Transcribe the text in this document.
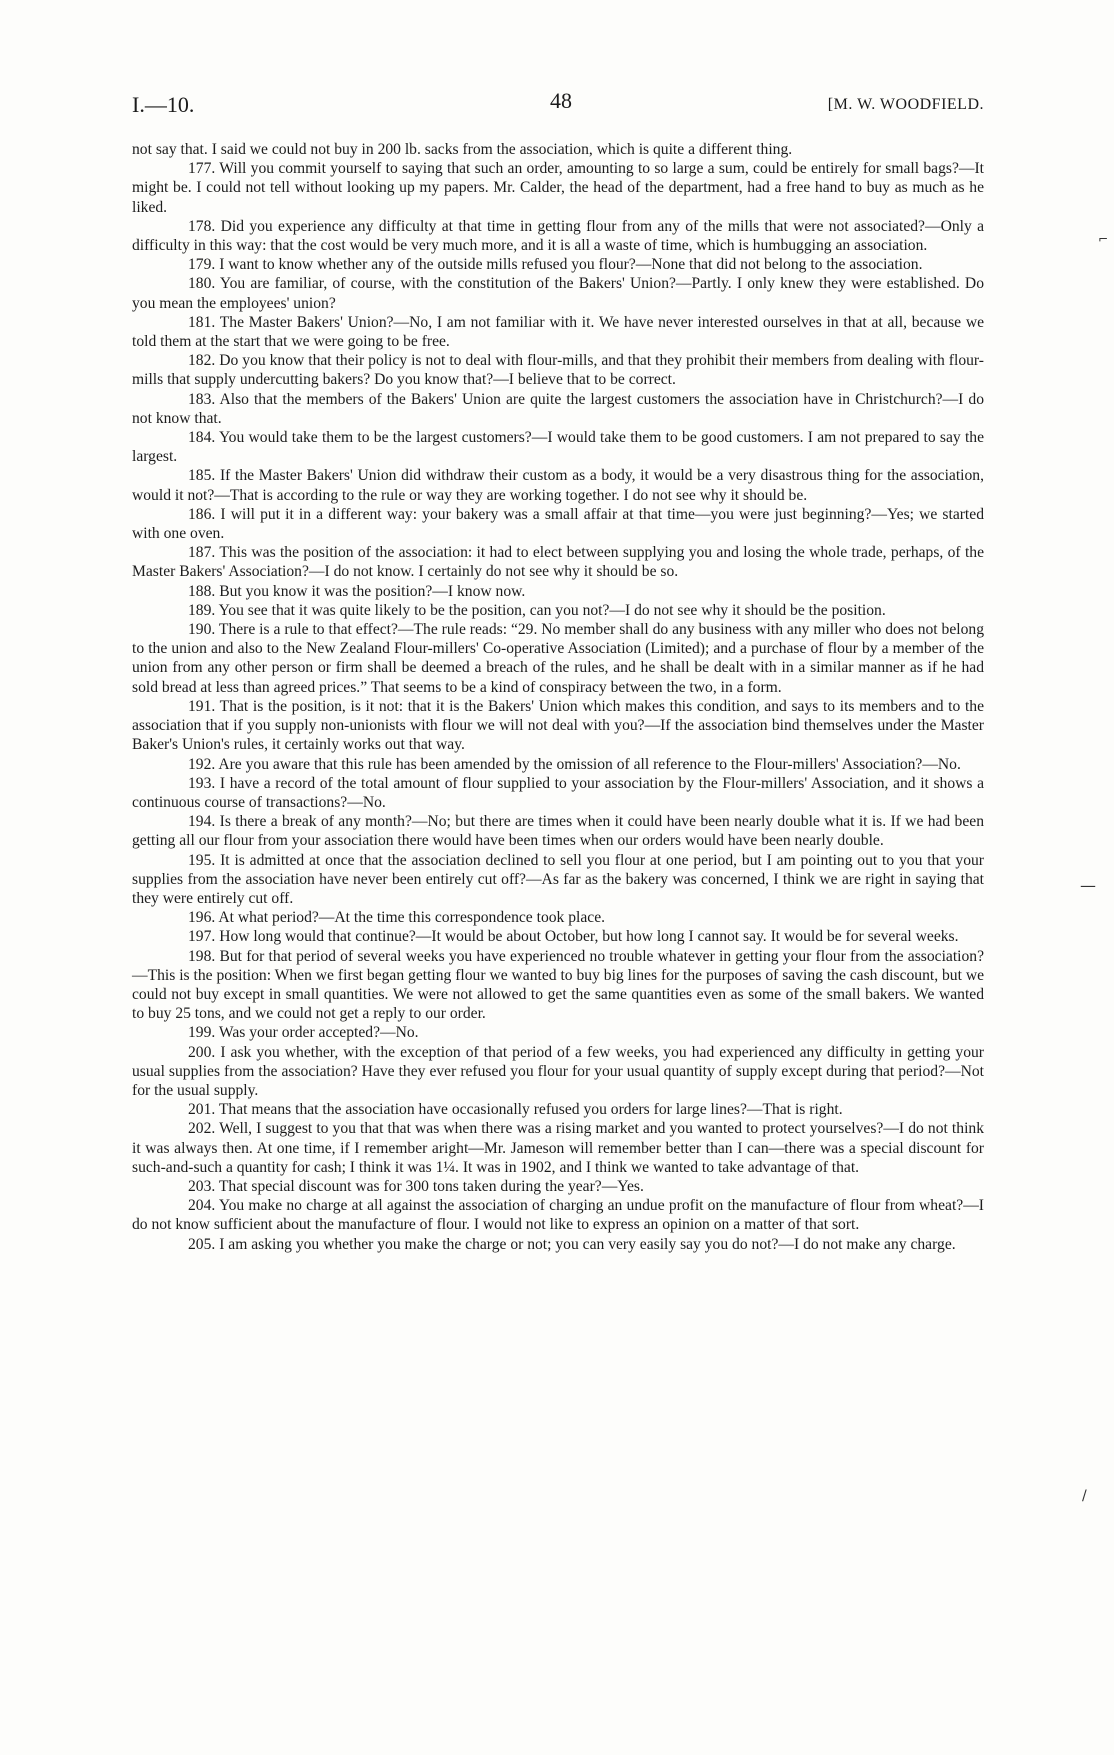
I.—10.	48	[M. W. WOODFIELD.

not say that. I said we could not buy in 200 lb. sacks from the association, which is quite a different thing.

177. Will you commit yourself to saying that such an order, amounting to so large a sum, could be entirely for small bags?—It might be. I could not tell without looking up my papers. Mr. Calder, the head of the department, had a free hand to buy as much as he liked.

178. Did you experience any difficulty at that time in getting flour from any of the mills that were not associated?—Only a difficulty in this way: that the cost would be very much more, and it is all a waste of time, which is humbugging an association.

179. I want to know whether any of the outside mills refused you flour?—None that did not belong to the association.

180. You are familiar, of course, with the constitution of the Bakers' Union?—Partly. I only knew they were established. Do you mean the employees' union?

181. The Master Bakers' Union?—No, I am not familiar with it. We have never interested ourselves in that at all, because we told them at the start that we were going to be free.

182. Do you know that their policy is not to deal with flour-mills, and that they prohibit their members from dealing with flour-mills that supply undercutting bakers? Do you know that?—I believe that to be correct.

183. Also that the members of the Bakers' Union are quite the largest customers the association have in Christchurch?—I do not know that.

184. You would take them to be the largest customers?—I would take them to be good customers. I am not prepared to say the largest.

185. If the Master Bakers' Union did withdraw their custom as a body, it would be a very disastrous thing for the association, would it not?—That is according to the rule or way they are working together. I do not see why it should be.

186. I will put it in a different way: your bakery was a small affair at that time—you were just beginning?—Yes; we started with one oven.

187. This was the position of the association: it had to elect between supplying you and losing the whole trade, perhaps, of the Master Bakers' Association?—I do not know. I certainly do not see why it should be so.

188. But you know it was the position?—I know now.

189. You see that it was quite likely to be the position, can you not?—I do not see why it should be the position.

190. There is a rule to that effect?—The rule reads: “29. No member shall do any business with any miller who does not belong to the union and also to the New Zealand Flour-millers' Co-operative Association (Limited); and a purchase of flour by a member of the union from any other person or firm shall be deemed a breach of the rules, and he shall be dealt with in a similar manner as if he had sold bread at less than agreed prices.” That seems to be a kind of conspiracy between the two, in a form.

191. That is the position, is it not: that it is the Bakers' Union which makes this condition, and says to its members and to the association that if you supply non-unionists with flour we will not deal with you?—If the association bind themselves under the Master Baker's Union's rules, it certainly works out that way.

192. Are you aware that this rule has been amended by the omission of all reference to the Flour-millers' Association?—No.

193. I have a record of the total amount of flour supplied to your association by the Flour-millers' Association, and it shows a continuous course of transactions?—No.

194. Is there a break of any month?—No; but there are times when it could have been nearly double what it is. If we had been getting all our flour from your association there would have been times when our orders would have been nearly double.

195. It is admitted at once that the association declined to sell you flour at one period, but I am pointing out to you that your supplies from the association have never been entirely cut off?—As far as the bakery was concerned, I think we are right in saying that they were entirely cut off.

196. At what period?—At the time this correspondence took place.

197. How long would that continue?—It would be about October, but how long I cannot say. It would be for several weeks.

198. But for that period of several weeks you have experienced no trouble whatever in getting your flour from the association?—This is the position: When we first began getting flour we wanted to buy big lines for the purposes of saving the cash discount, but we could not buy except in small quantities. We were not allowed to get the same quantities even as some of the small bakers. We wanted to buy 25 tons, and we could not get a reply to our order.

199. Was your order accepted?—No.

200. I ask you whether, with the exception of that period of a few weeks, you had experienced any difficulty in getting your usual supplies from the association? Have they ever refused you flour for your usual quantity of supply except during that period?—Not for the usual supply.

201. That means that the association have occasionally refused you orders for large lines?—That is right.

202. Well, I suggest to you that that was when there was a rising market and you wanted to protect yourselves?—I do not think it was always then. At one time, if I remember aright—Mr. Jameson will remember better than I can—there was a special discount for such-and-such a quantity for cash; I think it was 1¼. It was in 1902, and I think we wanted to take advantage of that.

203. That special discount was for 300 tons taken during the year?—Yes.

204. You make no charge at all against the association of charging an undue profit on the manufacture of flour from wheat?—I do not know sufficient about the manufacture of flour. I would not like to express an opinion on a matter of that sort.

205. I am asking you whether you make the charge or not; you can very easily say you do not?—I do not make any charge.

⌐
—
/
